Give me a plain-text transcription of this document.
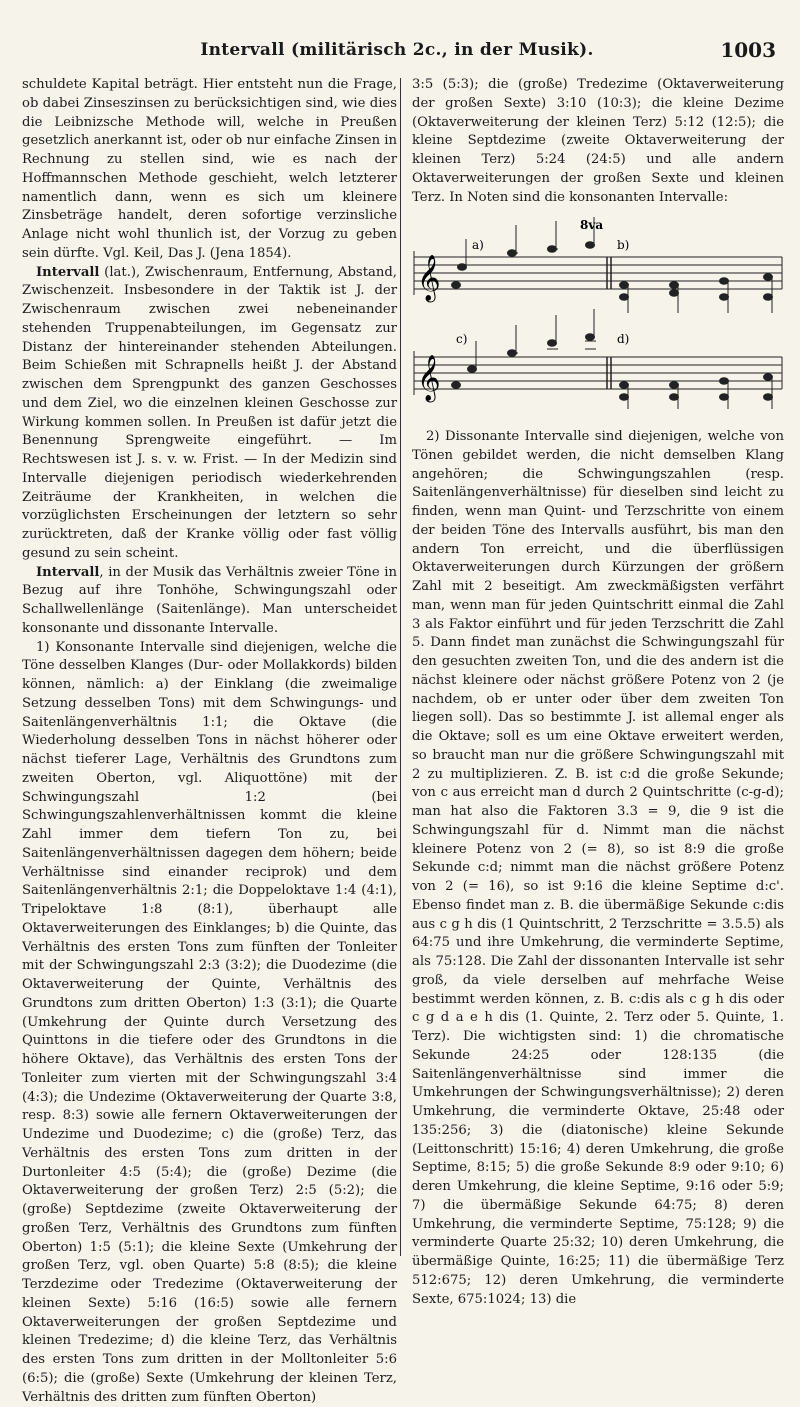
Intervall (militärisch 2c., in der Musik).	1003

schuldete Kapital beträgt. Hier entsteht nun die Frage, ob dabei Zinseszinsen zu berücksichtigen sind, wie dies die Leibnizsche Methode will, welche in Preußen gesetzlich anerkannt ist, oder ob nur einfache Zinsen in Rechnung zu stellen sind, wie es nach der Hoffmannschen Methode geschieht, welch letzterer namentlich dann, wenn es sich um kleinere Zinsbeträge handelt, deren sofortige verzinsliche Anlage nicht wohl thunlich ist, der Vorzug zu geben sein dürfte. Vgl. Keil, Das J. (Jena 1854).

Intervall (lat.), Zwischenraum, Entfernung, Abstand, Zwischenzeit. Insbesondere in der Taktik ist J. der Zwischenraum zwischen zwei nebeneinander stehenden Truppenabteilungen, im Gegensatz zur Distanz der hintereinander stehenden Abteilungen. Beim Schießen mit Schrapnells heißt J. der Abstand zwischen dem Sprengpunkt des ganzen Geschosses und dem Ziel, wo die einzelnen kleinen Geschosse zur Wirkung kommen sollen. In Preußen ist dafür jetzt die Benennung Sprengweite eingeführt. — Im Rechtswesen ist J. s. v. w. Frist. — In der Medizin sind Intervalle diejenigen periodisch wiederkehrenden Zeiträume der Krankheiten, in welchen die vorzüglichsten Erscheinungen der letztern so sehr zurücktreten, daß der Kranke völlig oder fast völlig gesund zu sein scheint.

Intervall, in der Musik das Verhältnis zweier Töne in Bezug auf ihre Tonhöhe, Schwingungszahl oder Schallwellenlänge (Saitenlänge). Man unterscheidet konsonante und dissonante Intervalle.

1) Konsonante Intervalle sind diejenigen, welche die Töne desselben Klanges (Dur- oder Mollakkords) bilden können, nämlich: a) der Einklang (die zweimalige Setzung desselben Tons) mit dem Schwingungs- und Saitenlängenverhältnis 1:1; die Oktave (die Wiederholung desselben Tons in nächst höherer oder nächst tieferer Lage, Verhältnis des Grundtons zum zweiten Oberton, vgl. Aliquottöne) mit der Schwingungszahl 1:2 (bei Schwingungszahlenverhältnissen kommt die kleine Zahl immer dem tiefern Ton zu, bei Saitenlängenverhältnissen dagegen dem höhern; beide Verhältnisse sind einander reciprok) und dem Saitenlängenverhältnis 2:1; die Doppeloktave 1:4 (4:1), Tripeloktave 1:8 (8:1), überhaupt alle Oktaverweiterungen des Einklanges; b) die Quinte, das Verhältnis des ersten Tons zum fünften der Tonleiter mit der Schwingungszahl 2:3 (3:2); die Duodezime (die Oktaverweiterung der Quinte, Verhältnis des Grundtons zum dritten Oberton) 1:3 (3:1); die Quarte (Umkehrung der Quinte durch Versetzung des Quinttons in die tiefere oder des Grundtons in die höhere Oktave), das Verhältnis des ersten Tons der Tonleiter zum vierten mit der Schwingungszahl 3:4 (4:3); die Undezime (Oktaverweiterung der Quarte 3:8, resp. 8:3) sowie alle fernern Oktaverweiterungen der Undezime und Duodezime; c) die (große) Terz, das Verhältnis des ersten Tons zum dritten in der Durtonleiter 4:5 (5:4); die (große) Dezime (die Oktaverweiterung der großen Terz) 2:5 (5:2); die (große) Septdezime (zweite Oktaverweiterung der großen Terz, Verhältnis des Grundtons zum fünften Oberton) 1:5 (5:1); die kleine Sexte (Umkehrung der großen Terz, vgl. oben Quarte) 5:8 (8:5); die kleine Terzdezime oder Tredezime (Oktaverweiterung der kleinen Sexte) 5:16 (16:5) sowie alle fernern Oktaverweiterungen der großen Septdezime und kleinen Tredezime; d) die kleine Terz, das Verhältnis des ersten Tons zum dritten in der Molltonleiter 5:6 (6:5); die (große) Sexte (Umkehrung der kleinen Terz, Verhältnis des dritten zum fünften Oberton)

3:5 (5:3); die (große) Tredezime (Oktaverweiterung der großen Sexte) 3:10 (10:3); die kleine Dezime (Oktaverweiterung der kleinen Terz) 5:12 (12:5); die kleine Septdezime (zweite Oktaverweiterung der kleinen Terz) 5:24 (24:5) und alle andern Oktaverweiterungen der großen Sexte und kleinen Terz. In Noten sind die konsonanten Intervalle:

𝄞
8va
a)	b)
𝄞
c)	d)

2) Dissonante Intervalle sind diejenigen, welche von Tönen gebildet werden, die nicht demselben Klang angehören; die Schwingungszahlen (resp. Saitenlängenverhältnisse) für dieselben sind leicht zu finden, wenn man Quint- und Terzschritte von einem der beiden Töne des Intervalls ausführt, bis man den andern Ton erreicht, und die überflüssigen Oktaverweiterungen durch Kürzungen der größern Zahl mit 2 beseitigt. Am zweckmäßigsten verfährt man, wenn man für jeden Quintschritt einmal die Zahl 3 als Faktor einführt und für jeden Terzschritt die Zahl 5. Dann findet man zunächst die Schwingungszahl für den gesuchten zweiten Ton, und die des andern ist die nächst kleinere oder nächst größere Potenz von 2 (je nachdem, ob er unter oder über dem zweiten Ton liegen soll). Das so bestimmte J. ist allemal enger als die Oktave; soll es um eine Oktave erweitert werden, so braucht man nur die größere Schwingungszahl mit 2 zu multiplizieren. Z. B. ist c:d die große Sekunde; von c aus erreicht man d durch 2 Quintschritte (c-g-d); man hat also die Faktoren 3.3 = 9, die 9 ist die Schwingungszahl für d. Nimmt man die nächst kleinere Potenz von 2 (= 8), so ist 8:9 die große Sekunde c:d; nimmt man die nächst größere Potenz von 2 (= 16), so ist 9:16 die kleine Septime d:c'. Ebenso findet man z. B. die übermäßige Sekunde c:dis aus c g h dis (1 Quintschritt, 2 Terzschritte = 3.5.5) als 64:75 und ihre Umkehrung, die verminderte Septime, als 75:128. Die Zahl der dissonanten Intervalle ist sehr groß, da viele derselben auf mehrfache Weise bestimmt werden können, z. B. c:dis als c g h dis oder c g d a e h dis (1. Quinte, 2. Terz oder 5. Quinte, 1. Terz). Die wichtigsten sind: 1) die chromatische Sekunde 24:25 oder 128:135 (die Saitenlängenverhältnisse sind immer die Umkehrungen der Schwingungsverhältnisse); 2) deren Umkehrung, die verminderte Oktave, 25:48 oder 135:256; 3) die (diatonische) kleine Sekunde (Leittonschritt) 15:16; 4) deren Umkehrung, die große Septime, 8:15; 5) die große Sekunde 8:9 oder 9:10; 6) deren Umkehrung, die kleine Septime, 9:16 oder 5:9; 7) die übermäßige Sekunde 64:75; 8) deren Umkehrung, die verminderte Septime, 75:128; 9) die verminderte Quarte 25:32; 10) deren Umkehrung, die übermäßige Quinte, 16:25; 11) die übermäßige Terz 512:675; 12) deren Umkehrung, die verminderte Sexte, 675:1024; 13) die
